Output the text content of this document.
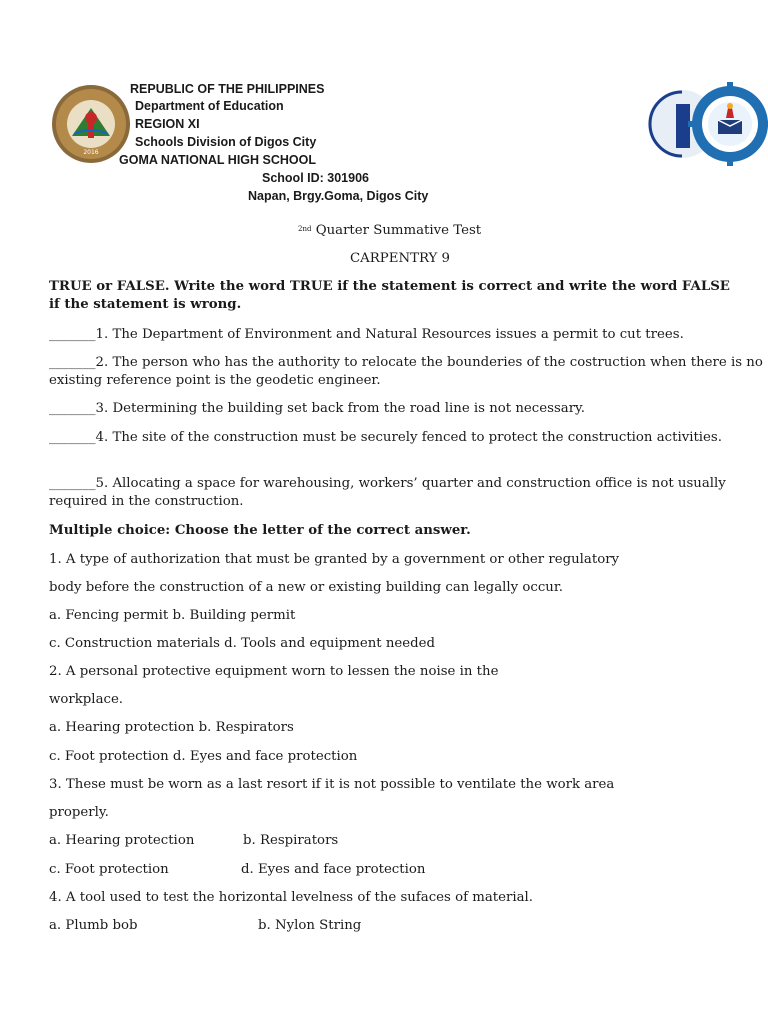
2016
REPUBLIC OF THE PHILIPPINES
Department of Education
REGION XI
Schools Division of Digos City
GOMA NATIONAL HIGH SCHOOL
School ID: 301906
Napan, Brgy.Goma, Digos City
$^{2nd}$ Quarter Summative Test
CARPENTRY 9
TRUE or FALSE. Write the word TRUE if the statement is correct and write the word FALSE if the statement is wrong.
_______1. The Department of Environment and Natural Resources issues a permit to cut trees.
_______2. The person who has the authority to relocate the bounderies of the costruction when there is no existing reference point is the geodetic engineer.
_______3. Determining the building set back from the road line is not necessary.
_______4. The site of the construction must be securely fenced to protect the construction activities.
_______5. Allocating a space for warehousing, workers’ quarter and construction office is not usually required in the construction.
Multiple choice: Choose the letter of the correct answer.
1. A type of authorization that must be granted by a government or other regulatory
body before the construction of a new or existing building can legally occur.
a. Fencing permit b. Building permit
c. Construction materials d. Tools and equipment needed
2. A personal protective equipment worn to lessen the noise in the
workplace.
a. Hearing protection b. Respirators
c. Foot protection d. Eyes and face protection
3. These must be worn as a last resort if it is not possible to ventilate the work area
properly.
a. Hearing protection	b. Respirators
c. Foot protection	d. Eyes and face protection
4. A tool used to test the horizontal levelness of the sufaces of material.
a. Plumb bob	b. Nylon String
